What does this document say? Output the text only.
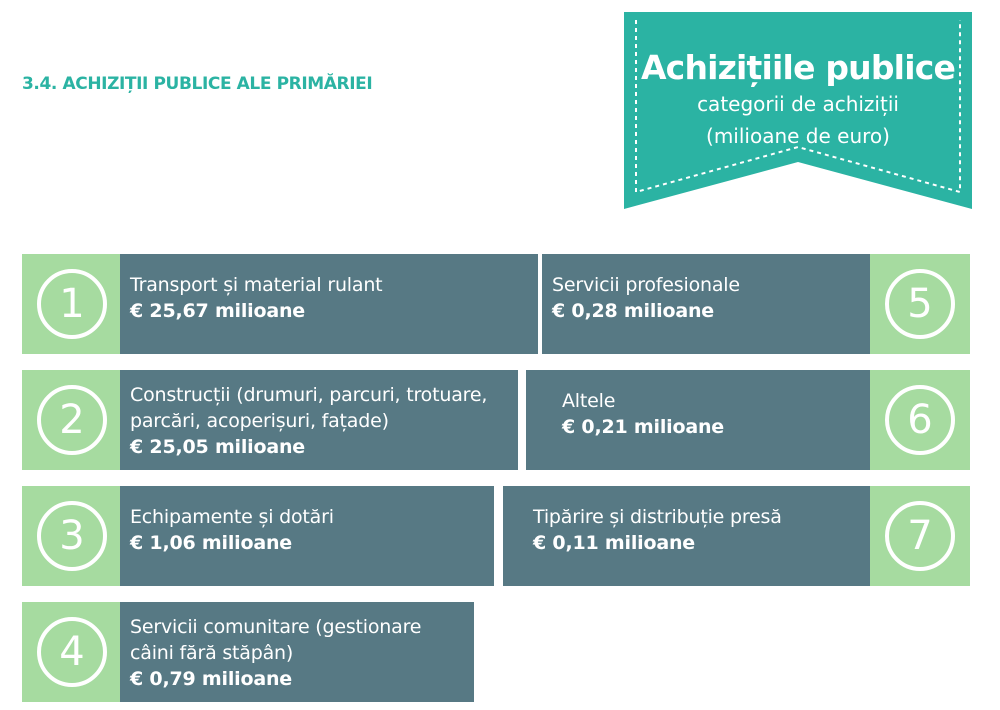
3.4. ACHIZIȚII PUBLICE ALE PRIMĂRIEI	Achizițiile publice
categorii de achiziții
(milioane de euro)
1	Transport și material rulant
€ 25,67 milioane
2
Construcții (drumuri, parcuri, trotuare, parcări, acoperișuri, fațade)
€ 25,05 milioane
3	Echipamente și dotări
€ 1,06 milioane
4
Servicii comunitare (gestionare câini fără stăpân)
€ 0,79 milioane
Servicii profesionale
€ 0,28 milioane	5
Altele
€ 0,21 milioane	6
Tipărire și distribuție presă
€ 0,11 milioane	7
